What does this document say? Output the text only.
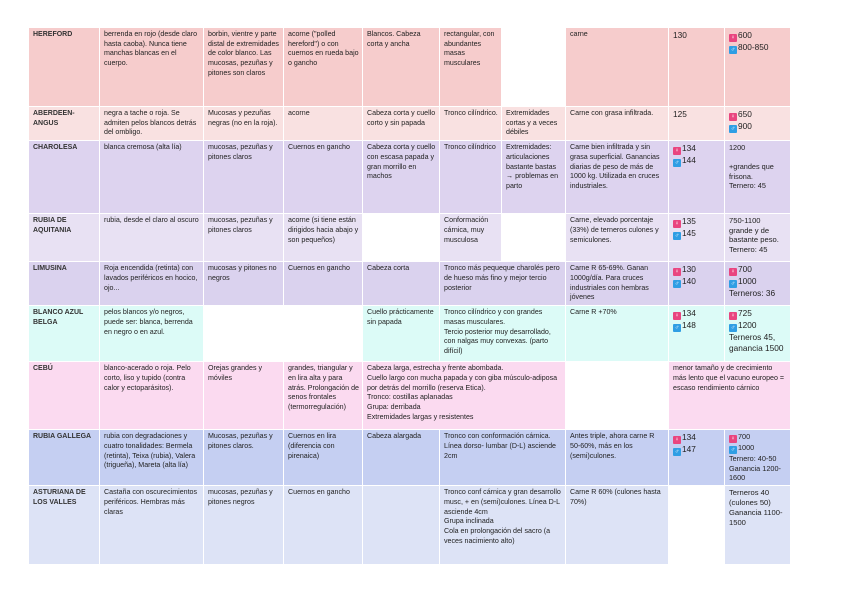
HEREFORD	berrenda en rojo (desde claro hasta caoba). Nunca tiene manchas blancas en el cuerpo.	borbin, vientre y parte distal de extremidades de color blanco. Las mucosas, pezuñas y pitones son claros	acorne ("polled hereford") o con cuernos en rueda bajo o gancho	Blancos. Cabeza corta y ancha	rectangular, con abundantes masas musculares		carne	130	♀ 600
♂ 800-850

ABERDEEN-ANGUS	negra a tache o roja. Se admiten pelos blancos detrás del ombligo.	Mucosas y pezuñas negras (no en la roja).	acorne	Cabeza corta y cuello corto y sin papada	Tronco cilíndrico.	Extremidades cortas y a veces débiles	Carne con grasa infiltrada.	125	♀ 650
♂ 900

CHAROLESA	blanca cremosa (alta lía)	mucosas, pezuñas y pitones claros	Cuernos en gancho	Cabeza corta y cuello con escasa papada y gran morrillo en machos	Tronco cilíndrico	Extremidades: articulaciones bastante bastas → problemas en parto	Carne bien infiltrada y sin grasa superficial. Ganancias diarias de peso de más de 1000 kg. Utilizada en cruces industriales.	♀ 134
♂ 144	1200

+grandes que frisona.
Ternero: 45
RUBIA DE AQUITANIA	rubia, desde el claro al oscuro	mucosas, pezuñas y pitones claros	acorne (si tiene están dirigidos hacia abajo y son pequeños)		Conformación cárnica, muy musculosa		Carne, elevado porcentaje (33%) de terneros culones y semiculones.	♀ 135
♂ 145	750-1100
grande y de bastante peso.
Ternero: 45
LIMUSINA	Roja encendida (retinta) con lavados periféricos en hocico, ojo...	mucosas y pitones no negros	Cuernos en gancho	Cabeza corta	Tronco más pequeque charolés pero de hueso más fino y mejor tercio posterior		Carne R 65-69%. Ganan 1000g/día. Para cruces industriales con hembras jóvenes	♀ 130
♂ 140	♀ 700
♂ 1000
Terneros: 36

BLANCO AZUL BELGA	pelos blancos y/o negros, puede ser: blanca, berrenda en negro o en azul.			Cuello prácticamente sin papada	Tronco cilíndrico y con grandes masas musculares.
Tercio posterior muy desarrollado, con nalgas muy convexas. (parto difícil)		Carne R +70%	♀ 134
♂ 148	♀ 725
♂ 1200
Terneros 45, ganancia 1500

CEBÚ	blanco-acerado o roja. Pelo corto, liso y tupido (contra calor y ectoparásitos).	Orejas grandes y móviles	grandes, triangular y en lira alta y para atrás. Prolongación de senos frontales (termorregulación)	Cabeza larga, estrecha y frente abombada.
Cuello largo con mucha papada y con giba músculo-adiposa por detrás del morrillo (reserva Etica).
Tronco: costillas aplanadas
Grupa: derribada
Extremidades largas y resistentes				menor tamaño y de crecimiento más lento que el vacuno europeo = escaso rendimiento cárnico	
RUBIA GALLEGA	rubia con degradaciones y cuatro tonalidades: Bermela (retinta), Teixa (rubia), Valera (trigueña), Mareta (alta lía)	Mucosas, pezuñas y pitones claros.	Cuernos en lira (diferencia con pirenaica)	Cabeza alargada	Tronco con conformación cárnica.
Línea dorso- lumbar (D-L) asciende 2cm		Antes triple, ahora carne R 50-60%, más en los (semi)culones.	♀ 134
♂ 147	♀ 700
♂ 1000
Ternero: 40-50
Ganancia 1200-1600

ASTURIANA DE LOS VALLES	Castaña con oscurecimientos periféricos. Hembras más claras	mucosas, pezuñas y pitones negros	Cuernos en gancho		Tronco conf cárnica y gran desarrollo musc, + en (semi)culones. Línea D-L asciende 4cm
Grupa inclinada
Cola en prolongación del sacro (a veces nacimiento alto)		Carne R 60% (culones hasta 70%)		Terneros 40 (culones 50)
Ganancia 1100-1500
